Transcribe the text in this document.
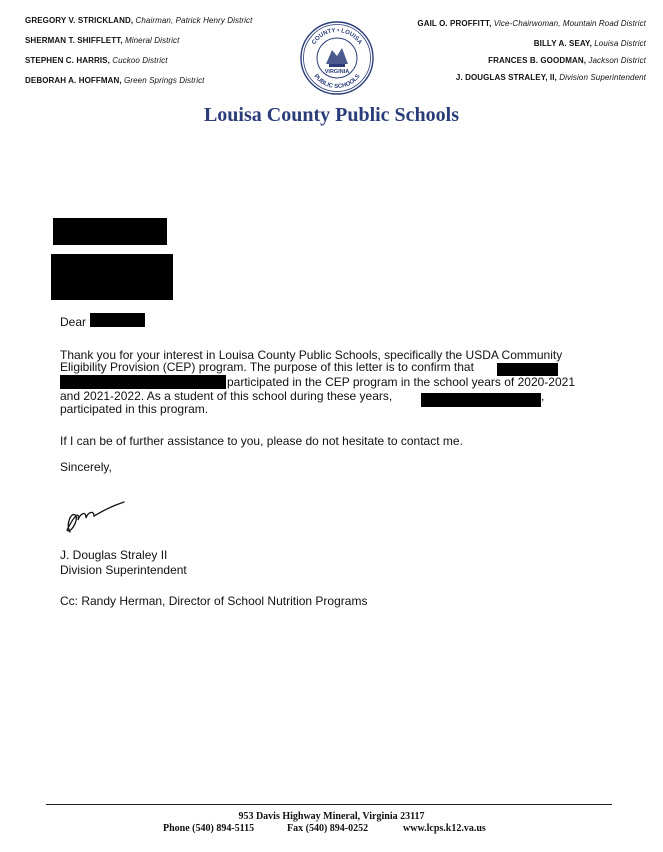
GREGORY V. STRICKLAND, Chairman, Patrick Henry District
SHERMAN T. SHIFFLETT, Mineral District
STEPHEN C. HARRIS, Cuckoo District
DEBORAH A. HOFFMAN, Green Springs District
GAIL O. PROFFITT, Vice-Chairwoman, Mountain Road District
BILLY A. SEAY, Louisa District
FRANCES B. GOODMAN, Jackson District
J. DOUGLAS STRALEY, II, Division Superintendent
COUNTY • LOUISA
PUBLIC SCHOOLS
VIRGINIA
Louisa County Public Schools
Dear
Thank you for your interest in Louisa County Public Schools, specifically the USDA Community
Eligibility Provision (CEP) program. The purpose of this letter is to confirm that
participated in the CEP program in the school years of 2020-2021
and 2021-2022. As a student of this school during these years,	,
participated in this program.
If I can be of further assistance to you, please do not hesitate to contact me.
Sincerely,
J. Douglas Straley II
Division Superintendent
Cc: Randy Herman, Director of School Nutrition Programs
953 Davis Highway Mineral, Virginia 23117
Phone (540) 894-5115	Fax (540) 894-0252	www.lcps.k12.va.us
